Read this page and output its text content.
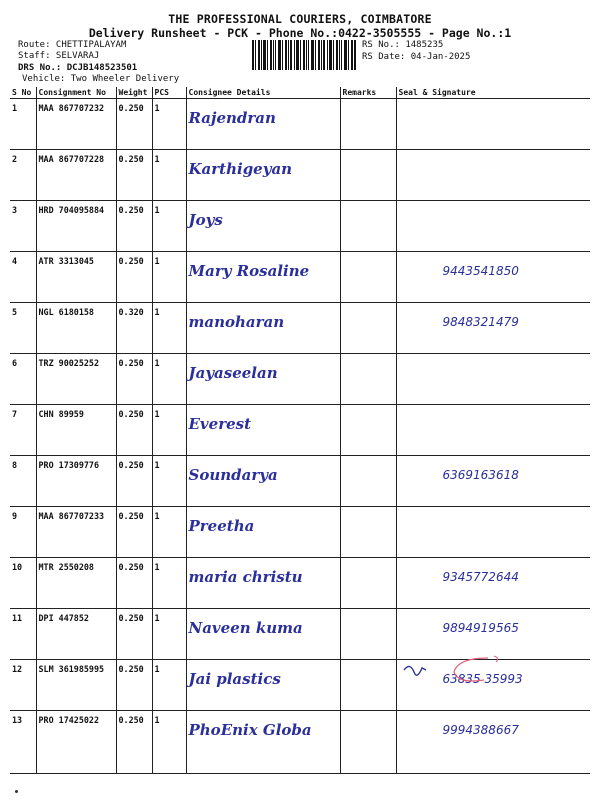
THE PROFESSIONAL COURIERS, COIMBATORE
Delivery Runsheet - PCK - Phone No.:0422-3505555 - Page No.:1
Route: CHETTIPALAYAM
Staff: SELVARAJ
DRS No.: DCJB148523501
Vehicle: Two Wheeler Delivery
RS No.: 1485235
RS Date: 04-Jan-2025
S No	Consignment No	Weight	PCS	Consignee Details	Remarks	Seal & Signature
1	MAA 867707232	0.250	1	Rajendran		
2	MAA 867707228	0.250	1	Karthigeyan		
3	HRD 704095884	0.250	1	Joys		
4	ATR 3313045	0.250	1	Mary Rosaline		9443541850
5	NGL 6180158	0.320	1	manoharan		9848321479
6	TRZ 90025252	0.250	1	Jayaseelan		
7	CHN 89959	0.250	1	Everest		
8	PRO 17309776	0.250	1	Soundarya		6369163618
9	MAA 867707233	0.250	1	Preetha		
10	MTR 2550208	0.250	1	maria christu		9345772644
11	DPI 447852	0.250	1	Naveen kuma		9894919565
12	SLM 361985995	0.250	1	Jai plastics		63835 35993
13	PRO 17425022	0.250	1	PhoEnix Globa		9994388667
